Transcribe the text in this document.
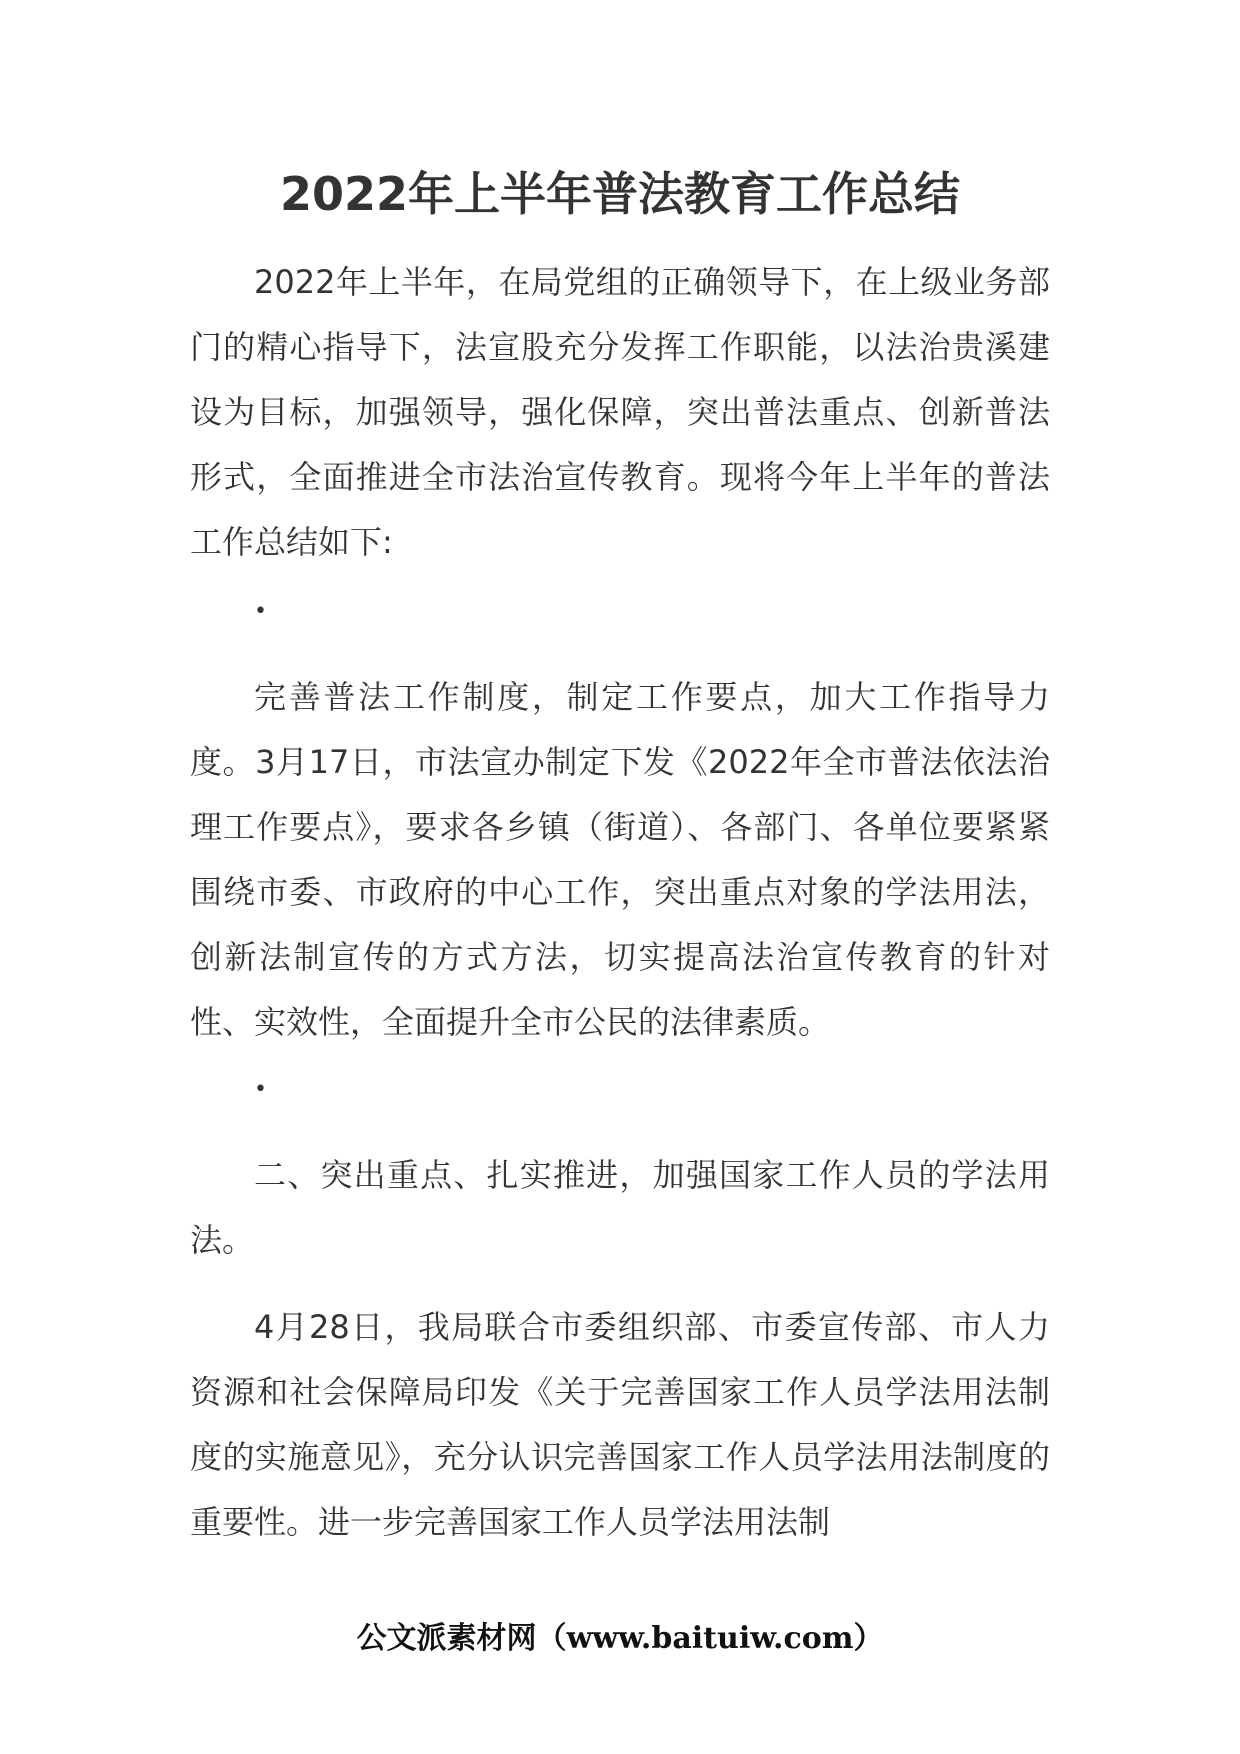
2022年上半年普法教育工作总结

2022年上半年，在局党组的正确领导下，在上级业务部门的精心指导下，法宣股充分发挥工作职能，以法治贵溪建设为目标，加强领导，强化保障，突出普法重点、创新普法形式，全面推进全市法治宣传教育。现将今年上半年的普法工作总结如下:

•

完善普法工作制度，制定工作要点，加大工作指导力度。3月17日，市法宣办制定下发《2022年全市普法依法治理工作要点》，要求各乡镇（街道）、各部门、各单位要紧紧围绕市委、市政府的中心工作，突出重点对象的学法用法，创新法制宣传的方式方法，切实提高法治宣传教育的针对性、实效性，全面提升全市公民的法律素质。

•

二、突出重点、扎实推进，加强国家工作人员的学法用法。

4月28日，我局联合市委组织部、市委宣传部、市人力资源和社会保障局印发《关于完善国家工作人员学法用法制度的实施意见》，充分认识完善国家工作人员学法用法制度的重要性。进一步完善国家工作人员学法用法制

公文派素材网（www.baituiw.com）
